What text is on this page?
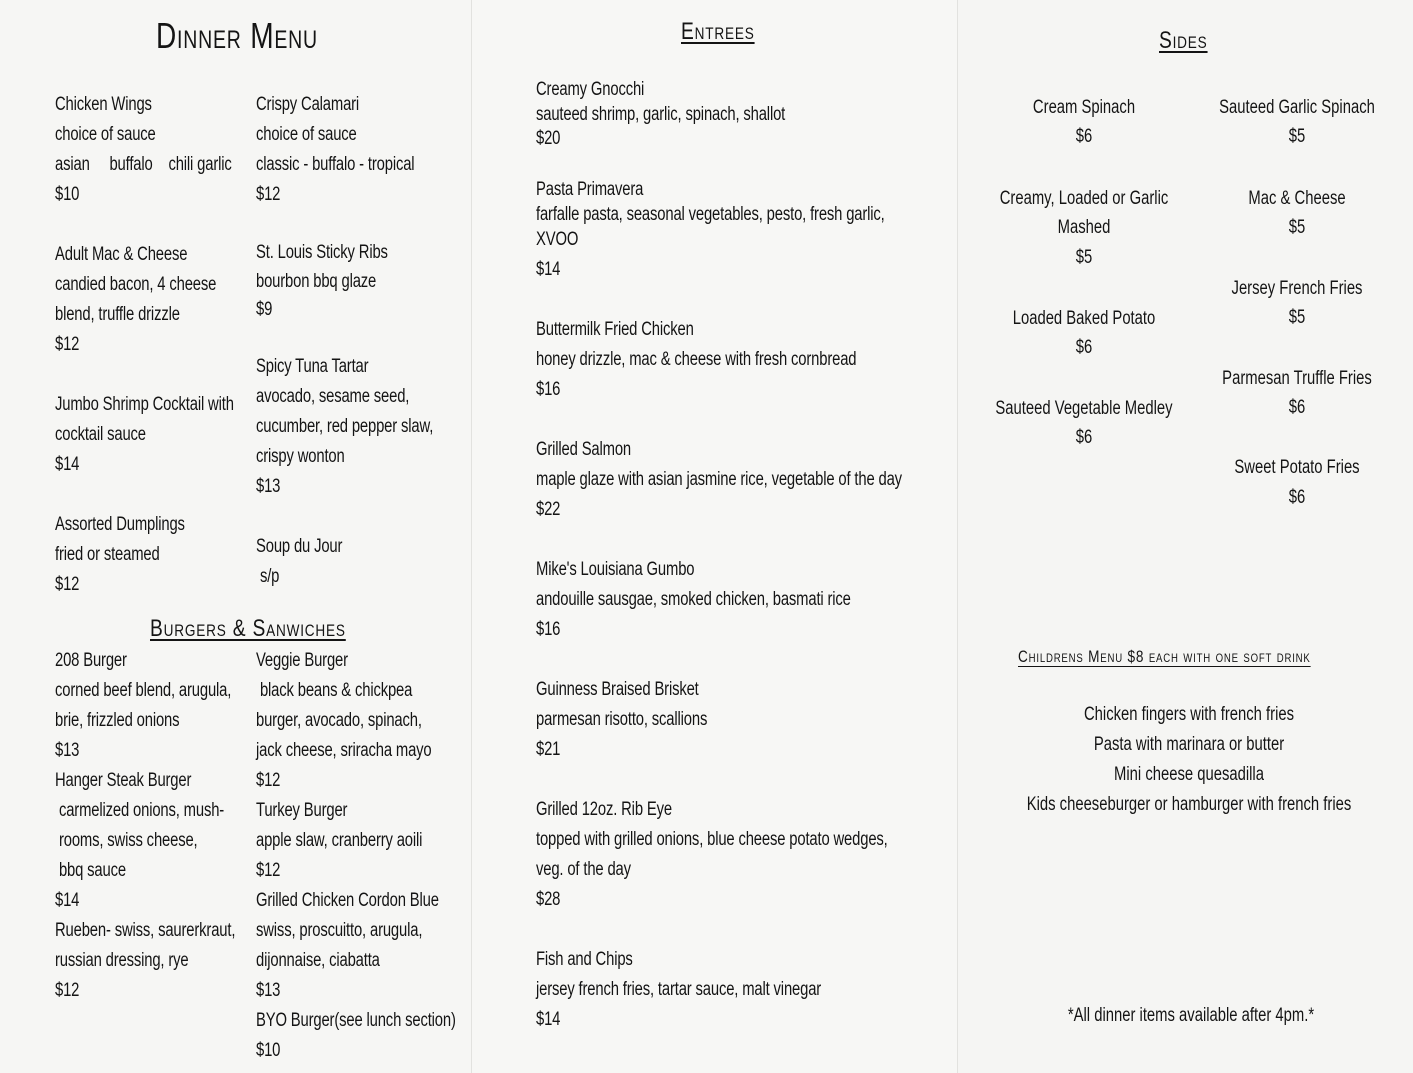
Dinner Menu
Chicken Wings
choice of sauce
asian     buffalo    chili garlic
$10
Adult Mac & Cheese
candied bacon, 4 cheese
blend, truffle drizzle
$12
Jumbo Shrimp Cocktail with
cocktail sauce
$14
Assorted Dumplings
fried or steamed
$12
Crispy Calamari
choice of sauce
classic - buffalo - tropical
$12
St. Louis Sticky Ribs
bourbon bbq glaze
$9
Spicy Tuna Tartar
avocado, sesame seed,
cucumber, red pepper slaw,
crispy wonton
$13
Soup du Jour
s/p
Burgers & Sanwiches
208 Burger
corned beef blend, arugula,
brie, frizzled onions
$13
Hanger Steak Burger
carmelized onions, mush-
rooms, swiss cheese,
bbq sauce
$14
Rueben- swiss, saurerkraut,
russian dressing, rye
$12
Veggie Burger
black beans & chickpea
burger, avocado, spinach,
jack cheese, sriracha mayo
$12
Turkey Burger
apple slaw, cranberry aoili
$12
Grilled Chicken Cordon Blue
swiss, proscuitto, arugula,
dijonnaise, ciabatta
$13
BYO Burger(see lunch section)
$10
Entrees
Creamy Gnocchi
sauteed shrimp, garlic, spinach, shallot
$20
Pasta Primavera
farfalle pasta, seasonal vegetables, pesto, fresh garlic,
XVOO
$14
Buttermilk Fried Chicken
honey drizzle, mac & cheese with fresh cornbread
$16
Grilled Salmon
maple glaze with asian jasmine rice, vegetable of the day
$22
Mike's Louisiana Gumbo
andouille sausgae, smoked chicken, basmati rice
$16
Guinness Braised Brisket
parmesan risotto, scallions
$21
Grilled 12oz. Rib Eye
topped with grilled onions, blue cheese potato wedges,
veg. of the day
$28
Fish and Chips
jersey french fries, tartar sauce, malt vinegar
$14
Sides
Cream Spinach
$6
Creamy, Loaded or Garlic
Mashed
$5
Loaded Baked Potato
$6
Sauteed Vegetable Medley
$6
Sauteed Garlic Spinach
$5
Mac & Cheese
$5
Jersey French Fries
$5
Parmesan Truffle Fries
$6
Sweet Potato Fries
$6
Childrens Menu $8 each with one soft drink
Chicken fingers with french fries
Pasta with marinara or butter
Mini cheese quesadilla
Kids cheeseburger or hamburger with french fries
*All dinner items available after 4pm.*
